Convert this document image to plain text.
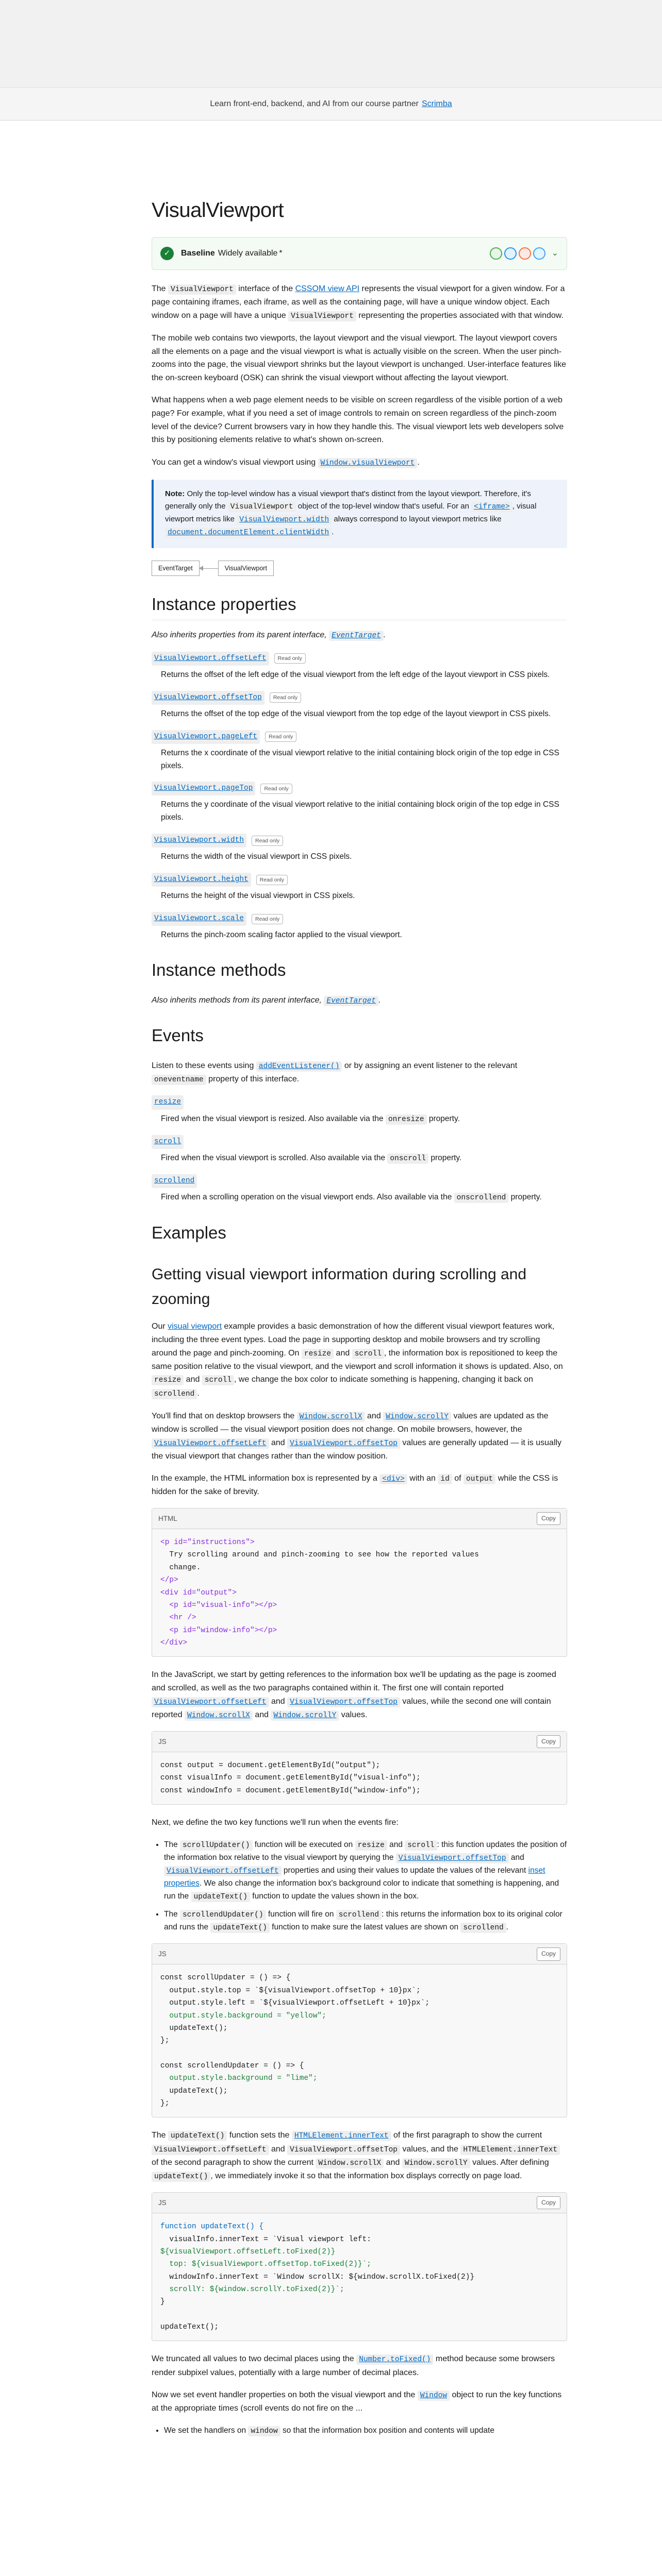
Learn front-end, backend, and AI from our course partner Scrimba
VisualViewport
✓	Baseline Widely available *	⌄

The VisualViewport interface of the CSSOM view API represents the visual viewport for a given window. For a page containing iframes, each iframe, as well as the containing page, will have a unique window object. Each window on a page will have a unique VisualViewport representing the properties associated with that window.

The mobile web contains two viewports, the layout viewport and the visual viewport. The layout viewport covers all the elements on a page and the visual viewport is what is actually visible on the screen. When the user pinch-zooms into the page, the visual viewport shrinks but the layout viewport is unchanged. User-interface features like the on-screen keyboard (OSK) can shrink the visual viewport without affecting the layout viewport.

What happens when a web page element needs to be visible on screen regardless of the visible portion of a web page? For example, what if you need a set of image controls to remain on screen regardless of the pinch-zoom level of the device? Current browsers vary in how they handle this. The visual viewport lets web developers solve this by positioning elements relative to what's shown on-screen.

You can get a window's visual viewport using Window.visualViewport .

Note: Only the top-level window has a visual viewport that's distinct from the layout viewport. Therefore, it's generally only the VisualViewport object of the top-level window that's useful. For an <iframe> , visual viewport metrics like VisualViewport.width always correspond to layout viewport metrics like document.documentElement.clientWidth .

EventTarget	VisualViewport
Instance properties

Also inherits properties from its parent interface, EventTarget .

VisualViewport.offsetLeft	Read only
Returns the offset of the left edge of the visual viewport from the left edge of the layout viewport in CSS pixels.
VisualViewport.offsetTop	Read only
Returns the offset of the top edge of the visual viewport from the top edge of the layout viewport in CSS pixels.
VisualViewport.pageLeft	Read only
Returns the x coordinate of the visual viewport relative to the initial containing block origin of the top edge in CSS pixels.
VisualViewport.pageTop	Read only
Returns the y coordinate of the visual viewport relative to the initial containing block origin of the top edge in CSS pixels.
VisualViewport.width	Read only
Returns the width of the visual viewport in CSS pixels.
VisualViewport.height	Read only
Returns the height of the visual viewport in CSS pixels.
VisualViewport.scale	Read only
Returns the pinch-zoom scaling factor applied to the visual viewport.
Instance methods

Also inherits methods from its parent interface, EventTarget .

Events

Listen to these events using addEventListener() or by assigning an event listener to the relevant oneventname property of this interface.

resize
Fired when the visual viewport is resized. Also available via the onresize property.
scroll
Fired when the visual viewport is scrolled. Also available via the onscroll property.
scrollend
Fired when a scrolling operation on the visual viewport ends. Also available via the onscrollend property.
Examples
Getting visual viewport information during scrolling and zooming

Our visual viewport example provides a basic demonstration of how the different visual viewport features work, including the three event types. Load the page in supporting desktop and mobile browsers and try scrolling around the page and pinch-zooming. On resize and scroll , the information box is repositioned to keep the same position relative to the visual viewport, and the viewport and scroll information it shows is updated. Also, on resize and scroll , we change the box color to indicate something is happening, changing it back on scrollend .

You'll find that on desktop browsers the Window.scrollX and Window.scrollY values are updated as the window is scrolled — the visual viewport position does not change. On mobile browsers, however, the VisualViewport.offsetLeft and VisualViewport.offsetTop values are generally updated — it is usually the visual viewport that changes rather than the window position.

In the example, the HTML information box is represented by a <div> with an id of output while the CSS is hidden for the sake of brevity.

HTML	Copy
<p id="instructions">
Try scrolling around and pinch-zooming to see how the reported values
change.
</p>
<div id="output">
<p id="visual-info"></p>
<hr />
<p id="window-info"></p>
</div>

In the JavaScript, we start by getting references to the information box we'll be updating as the page is zoomed and scrolled, as well as the two paragraphs contained within it. The first one will contain reported VisualViewport.offsetLeft and VisualViewport.offsetTop values, while the second one will contain reported Window.scrollX and Window.scrollY values.

JS	Copy
const output = document.getElementById("output");
const visualInfo = document.getElementById("visual-info");
const windowInfo = document.getElementById("window-info");

Next, we define the two key functions we'll run when the events fire:

• The scrollUpdater() function will be executed on resize and scroll : this function updates the position of the information box relative to the visual viewport by querying the VisualViewport.offsetTop and VisualViewport.offsetLeft properties and using their values to update the values of the relevant inset properties. We also change the information box's background color to indicate that something is happening, and run the updateText() function to update the values shown in the box.
• The scrollendUpdater() function will fire on scrollend : this returns the information box to its original color and runs the updateText() function to make sure the latest values are shown on scrollend .
JS	Copy
const scrollUpdater = () => {
output.style.top = `${visualViewport.offsetTop + 10}px`;
output.style.left = `${visualViewport.offsetLeft + 10}px`;
output.style.background = "yellow";
updateText();
};

const scrollendUpdater = () => {
output.style.background = "lime";
updateText();
};

The updateText() function sets the HTMLElement.innerText of the first paragraph to show the current VisualViewport.offsetLeft and VisualViewport.offsetTop values, and the HTMLElement.innerText of the second paragraph to show the current Window.scrollX and Window.scrollY values. After defining updateText() , we immediately invoke it so that the information box displays correctly on page load.

JS	Copy
function updateText() {
visualInfo.innerText = `Visual viewport left:
${visualViewport.offsetLeft.toFixed(2)}
top: ${visualViewport.offsetTop.toFixed(2)}`;
windowInfo.innerText = `Window scrollX: ${window.scrollX.toFixed(2)}
scrollY: ${window.scrollY.toFixed(2)}`;
}

updateText();

We truncated all values to two decimal places using the Number.toFixed() method because some browsers render subpixel values, potentially with a large number of decimal places.

Now we set event handler properties on both the visual viewport and the Window object to run the key functions at the appropriate times (scroll events do not fire on the ...

• We set the handlers on window so that the information box position and contents will update
